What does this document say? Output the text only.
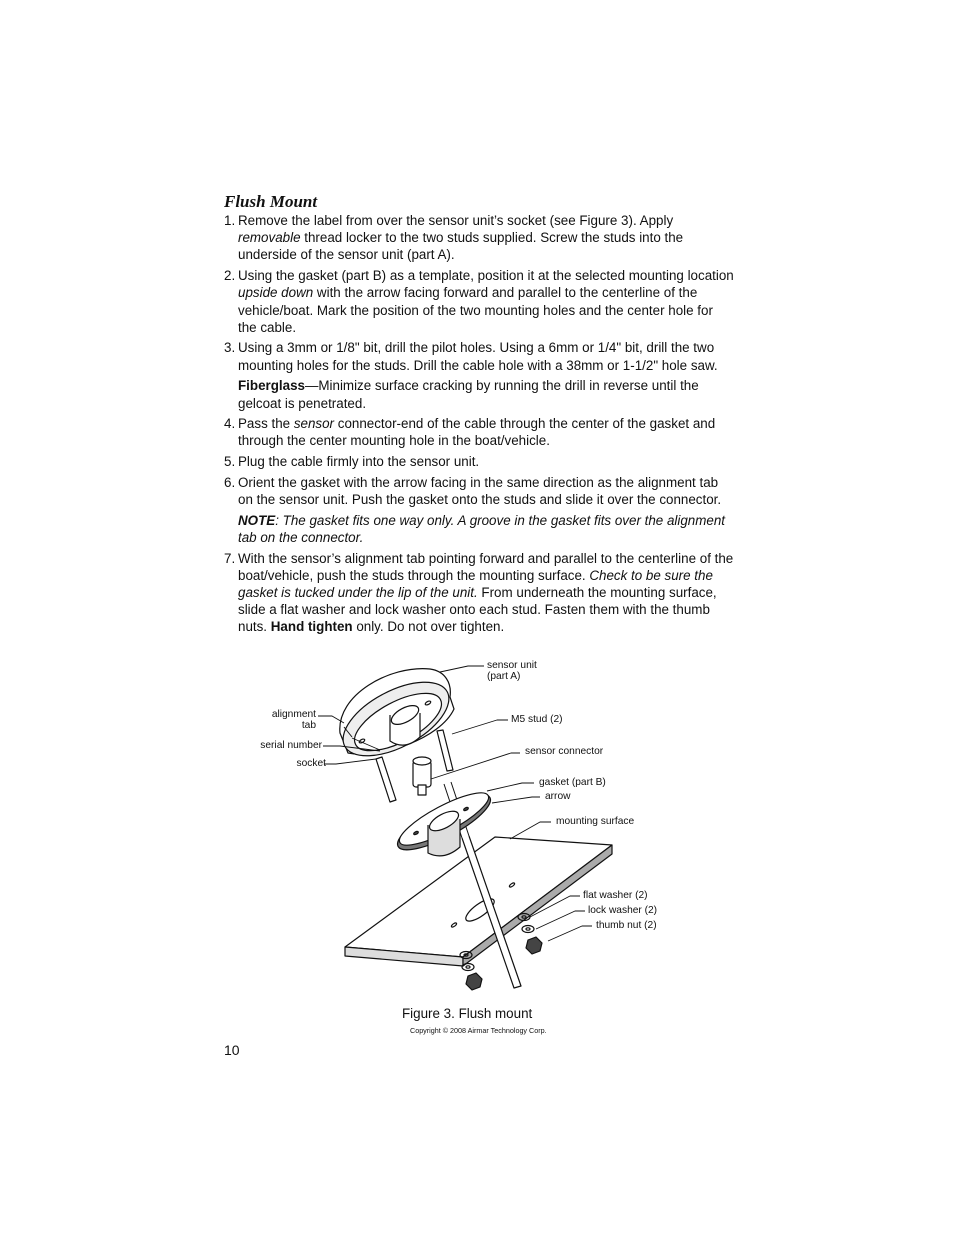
Flush Mount
1. Remove the label from over the sensor unit’s socket (see Figure 3). Apply removable thread locker to the two studs supplied. Screw the studs into the underside of the sensor unit (part A).

2. Using the gasket (part B) as a template, position it at the selected mounting location upside down with the arrow facing forward and parallel to the centerline of the vehicle/boat. Mark the position of the two mounting holes and the center hole for the cable.

3. Using a 3mm or 1/8" bit, drill the pilot holes. Using a 6mm or 1/4" bit, drill the two mounting holes for the studs. Drill the cable hole with a 38mm or 1-1/2" hole saw.

Fiberglass—Minimize surface cracking by running the drill in reverse until the gelcoat is penetrated.

4. Pass the sensor connector-end of the cable through the center of the gasket and through the center mounting hole in the boat/vehicle.

5. Plug the cable firmly into the sensor unit.

6. Orient the gasket with the arrow facing in the same direction as the alignment tab on the sensor unit. Push the gasket onto the studs and slide it over the connector.

NOTE: The gasket fits one way only. A groove in the gasket fits over the alignment tab on the connector.

7. With the sensor’s alignment tab pointing forward and parallel to the centerline of the boat/vehicle, push the studs through the mounting surface. Check to be sure the gasket is tucked under the lip of the unit. From underneath the mounting surface, slide a flat washer and lock washer onto each stud. Fasten them with the thumb nuts. Hand tighten only. Do not over tighten.

sensor unit
(part A)
alignment
tab
M5 stud (2)
serial number
sensor connector
socket
gasket (part B)
arrow
mounting surface
flat washer (2)
lock washer (2)
thumb nut (2)
Figure 3. Flush mount
Copyright © 2008 Airmar Technology Corp.
10
